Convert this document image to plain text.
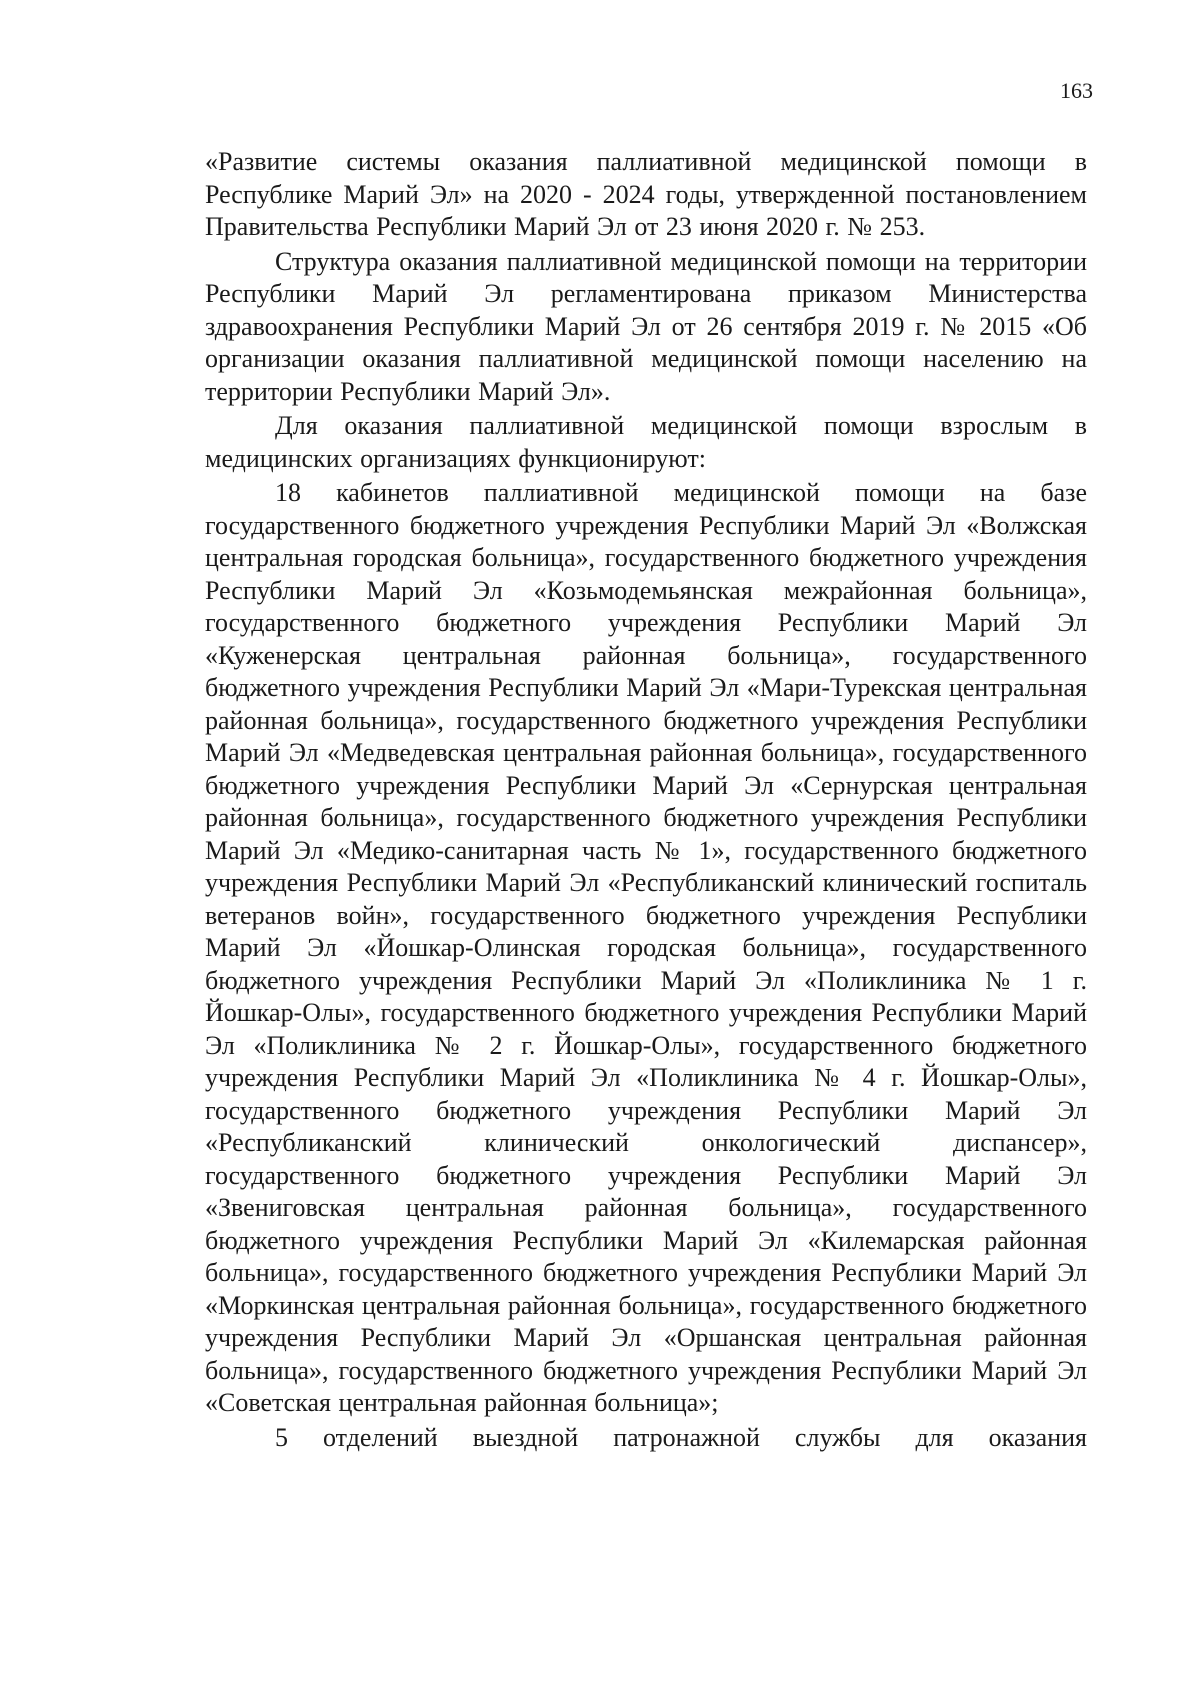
163

«Развитие системы оказания паллиативной медицинской помощи в Республике Марий Эл» на 2020 - 2024 годы, утвержденной постановлением Правительства Республики Марий Эл от 23 июня 2020 г. № 253.

Структура оказания паллиативной медицинской помощи на территории Республики Марий Эл регламентирована приказом Министерства здравоохранения Республики Марий Эл от 26 сентября 2019 г. № 2015 «Об организации оказания паллиативной медицинской помощи населению на территории Республики Марий Эл».

Для оказания паллиативной медицинской помощи взрослым в медицинских организациях функционируют:

18 кабинетов паллиативной медицинской помощи на базе государственного бюджетного учреждения Республики Марий Эл «Волжская центральная городская больница», государственного бюджетного учреждения Республики Марий Эл «Козьмодемьянская межрайонная больница», государственного бюджетного учреждения Республики Марий Эл «Куженерская центральная районная больница», государственного бюджетного учреждения Республики Марий Эл «Мари-Турекская центральная районная больница», государственного бюджетного учреждения Республики Марий Эл «Медведевская центральная районная больница», государственного бюджетного учреждения Республики Марий Эл «Сернурская центральная районная больница», государственного бюджетного учреждения Республики Марий Эл «Медико-санитарная часть № 1», государственного бюджетного учреждения Республики Марий Эл «Республиканский клинический госпиталь ветеранов войн», государственного бюджетного учреждения Республики Марий Эл «Йошкар-Олинская городская больница», государственного бюджетного учреждения Республики Марий Эл «Поликлиника № 1 г. Йошкар-Олы», государственного бюджетного учреждения Республики Марий Эл «Поликлиника № 2 г. Йошкар-Олы», государственного бюджетного учреждения Республики Марий Эл «Поликлиника № 4 г. Йошкар-Олы», государственного бюджетного учреждения Республики Марий Эл «Республиканский клинический онкологический диспансер», государственного бюджетного учреждения Республики Марий Эл «Звениговская центральная районная больница», государственного бюджетного учреждения Республики Марий Эл «Килемарская районная больница», государственного бюджетного учреждения Республики Марий Эл «Моркинская центральная районная больница», государственного бюджетного учреждения Республики Марий Эл «Оршанская центральная районная больница», государственного бюджетного учреждения Республики Марий Эл «Советская центральная районная больница»;

5 отделений выездной патронажной службы для оказания
